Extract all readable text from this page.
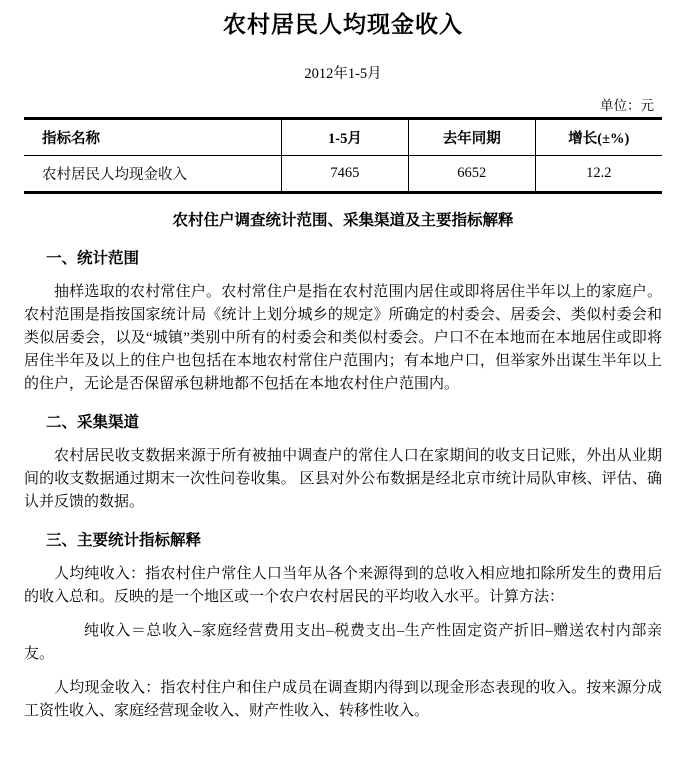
农村居民人均现金收入
2012年1-5月
单位：元
指标名称	1-5月	去年同期	增长(±%)
农村居民人均现金收入	7465	6652	12.2
农村住户调查统计范围、采集渠道及主要指标解释
一、统计范围

抽样选取的农村常住户。农村常住户是指在农村范围内居住或即将居住半年以上的家庭户。农村范围是指按国家统计局《统计上划分城乡的规定》所确定的村委会、居委会、类似村委会和类似居委会，以及“城镇”类别中所有的村委会和类似村委会。户口不在本地而在本地居住或即将居住半年及以上的住户也包括在本地农村常住户范围内；有本地户口，但举家外出谋生半年以上的住户，无论是否保留承包耕地都不包括在本地农村住户范围内。

二、采集渠道

农村居民收支数据来源于所有被抽中调查户的常住人口在家期间的收支日记账，外出从业期间的收支数据通过期末一次性问卷收集。 区县对外公布数据是经北京市统计局队审核、评估、确认并反馈的数据。

三、主要统计指标解释

人均纯收入：指农村住户常住人口当年从各个来源得到的总收入相应地扣除所发生的费用后的收入总和。反映的是一个地区或一个农户农村居民的平均收入水平。计算方法：

纯收入＝总收入–家庭经营费用支出–税费支出–生产性固定资产折旧–赠送农村内部亲友。

人均现金收入：指农村住户和住户成员在调查期内得到以现金形态表现的收入。按来源分成工资性收入、家庭经营现金收入、财产性收入、转移性收入。
